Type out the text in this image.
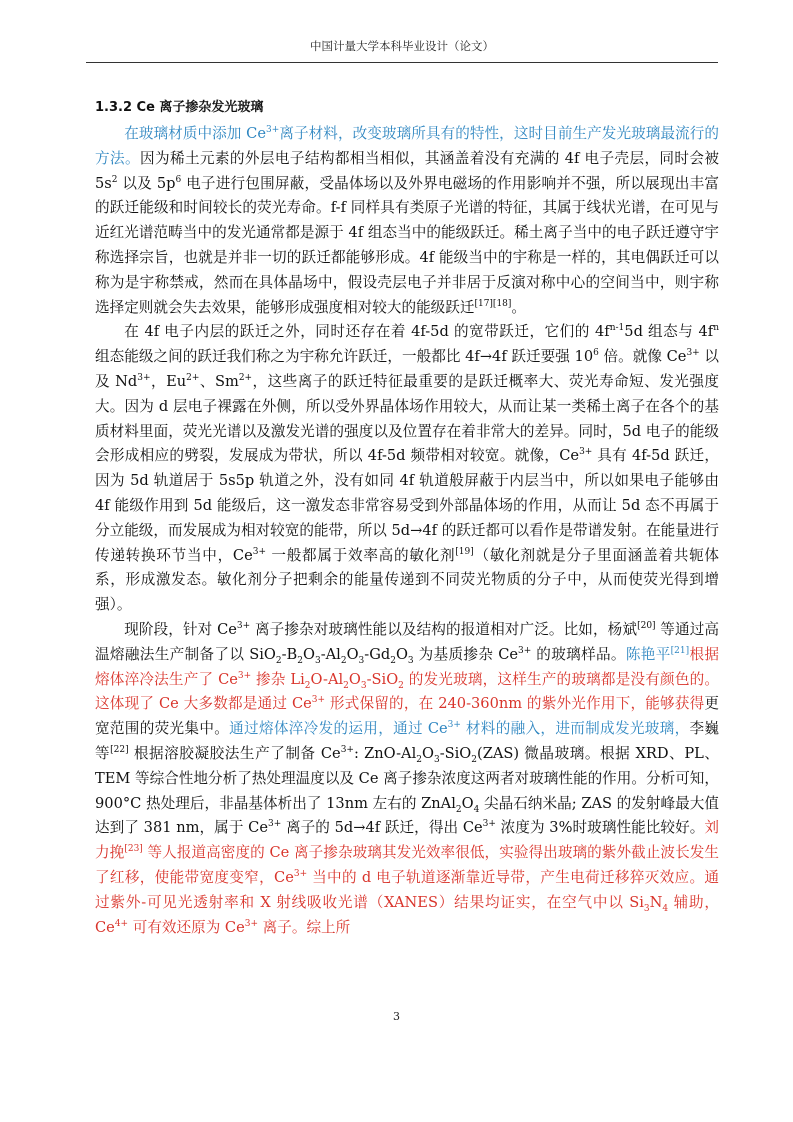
中国计量大学本科毕业设计（论文）
1.3.2 Ce 离子掺杂发光玻璃

在玻璃材质中添加 $Ce^{3+}$离子材料，改变玻璃所具有的特性，这时目前生产发光玻璃最流行的方法。因为稀土元素的外层电子结构都相当相似，其涵盖着没有充满的 4f 电子壳层，同时会被 $5s^2$ 以及 $5p^6$ 电子进行包围屏蔽，受晶体场以及外界电磁场的作用影响并不强，所以展现出丰富的跃迁能级和时间较长的荧光寿命。f-f 同样具有类原子光谱的特征，其属于线状光谱，在可见与近红光谱范畴当中的发光通常都是源于 4f 组态当中的能级跃迁。稀土离子当中的电子跃迁遵守宇称选择宗旨，也就是并非一切的跃迁都能够形成。4f 能级当中的宇称是一样的，其电偶跃迁可以称为是宇称禁戒，然而在具体晶场中，假设壳层电子并非居于反演对称中心的空间当中，则宇称选择定则就会失去效果，能够形成强度相对较大的能级跃迁[17][18]。

在 4f 电子内层的跃迁之外，同时还存在着 4f-5d 的宽带跃迁，它们的 $4f^{n-1}5d$ 组态与 $4f^n$ 组态能级之间的跃迁我们称之为宇称允许跃迁，一般都比 4f→4f 跃迁要强 $10^6$ 倍。就像 $Ce^{3+}$ 以及 $Nd^{3+}$，$Eu^{2+}$、$Sm^{2+}$，这些离子的跃迁特征最重要的是跃迁概率大、荧光寿命短、发光强度大。因为 d 层电子裸露在外侧，所以受外界晶体场作用较大，从而让某一类稀土离子在各个的基质材料里面，荧光光谱以及激发光谱的强度以及位置存在着非常大的差异。同时，5d 电子的能级会形成相应的劈裂，发展成为带状，所以 4f-5d 频带相对较宽。就像，$Ce^{3+}$ 具有 4f-5d 跃迁，因为 5d 轨道居于 5s5p 轨道之外，没有如同 4f 轨道般屏蔽于内层当中，所以如果电子能够由 4f 能级作用到 5d 能级后，这一激发态非常容易受到外部晶体场的作用，从而让 5d 态不再属于分立能级，而发展成为相对较宽的能带，所以 5d→4f 的跃迁都可以看作是带谱发射。在能量进行传递转换环节当中，$Ce^{3+}$ 一般都属于效率高的敏化剂[19]（敏化剂就是分子里面涵盖着共轭体系，形成激发态。敏化剂分子把剩余的能量传递到不同荧光物质的分子中，从而使荧光得到增强）。

现阶段，针对 $Ce^{3+}$ 离子掺杂对玻璃性能以及结构的报道相对广泛。比如，杨斌[20] 等通过高温熔融法生产制备了以 $SiO_2-B_2O_3-Al_2O_3-Gd_2O_3$ 为基质掺杂 $Ce^{3+}$ 的玻璃样品。陈艳平[21]根据熔体淬冷法生产了 $Ce^{3+}$ 掺杂 $Li_2O-Al_2O_3-SiO_2$ 的发光玻璃，这样生产的玻璃都是没有颜色的。这体现了 Ce 大多数都是通过 $Ce^{3+}$ 形式保留的，在 240-360nm 的紫外光作用下，能够获得更宽范围的荧光集中。通过熔体淬冷发的运用，通过 $Ce^{3+}$ 材料的融入，进而制成发光玻璃，李巍等[22] 根据溶胶凝胶法生产了制备 $Ce^{3+}$: ZnO-$Al_2O_3-SiO_2(ZAS)$ 微晶玻璃。根据 XRD、PL、TEM 等综合性地分析了热处理温度以及 Ce 离子掺杂浓度这两者对玻璃性能的作用。分析可知，900°C 热处理后，非晶基体析出了 13nm 左右的 $ZnAl_2O_4$ 尖晶石纳米晶; ZAS 的发射峰最大值达到了 381 nm，属于 $Ce^{3+}$ 离子的 5d→4f 跃迁，得出 $Ce^{3+}$ 浓度为 3%时玻璃性能比较好。刘力挽[23] 等人报道高密度的 Ce 离子掺杂玻璃其发光效率很低，实验得出玻璃的紫外截止波长发生了红移，使能带宽度变窄，$Ce^{3+}$ 当中的 d 电子轨道逐渐靠近导带，产生电荷迁移猝灭效应。通过紫外-可见光透射率和 X 射线吸收光谱（XANES）结果均证实，在空气中以 $Si_3N_4$ 辅助，$Ce^{4+}$ 可有效还原为 $Ce^{3+}$ 离子。综上所

3
